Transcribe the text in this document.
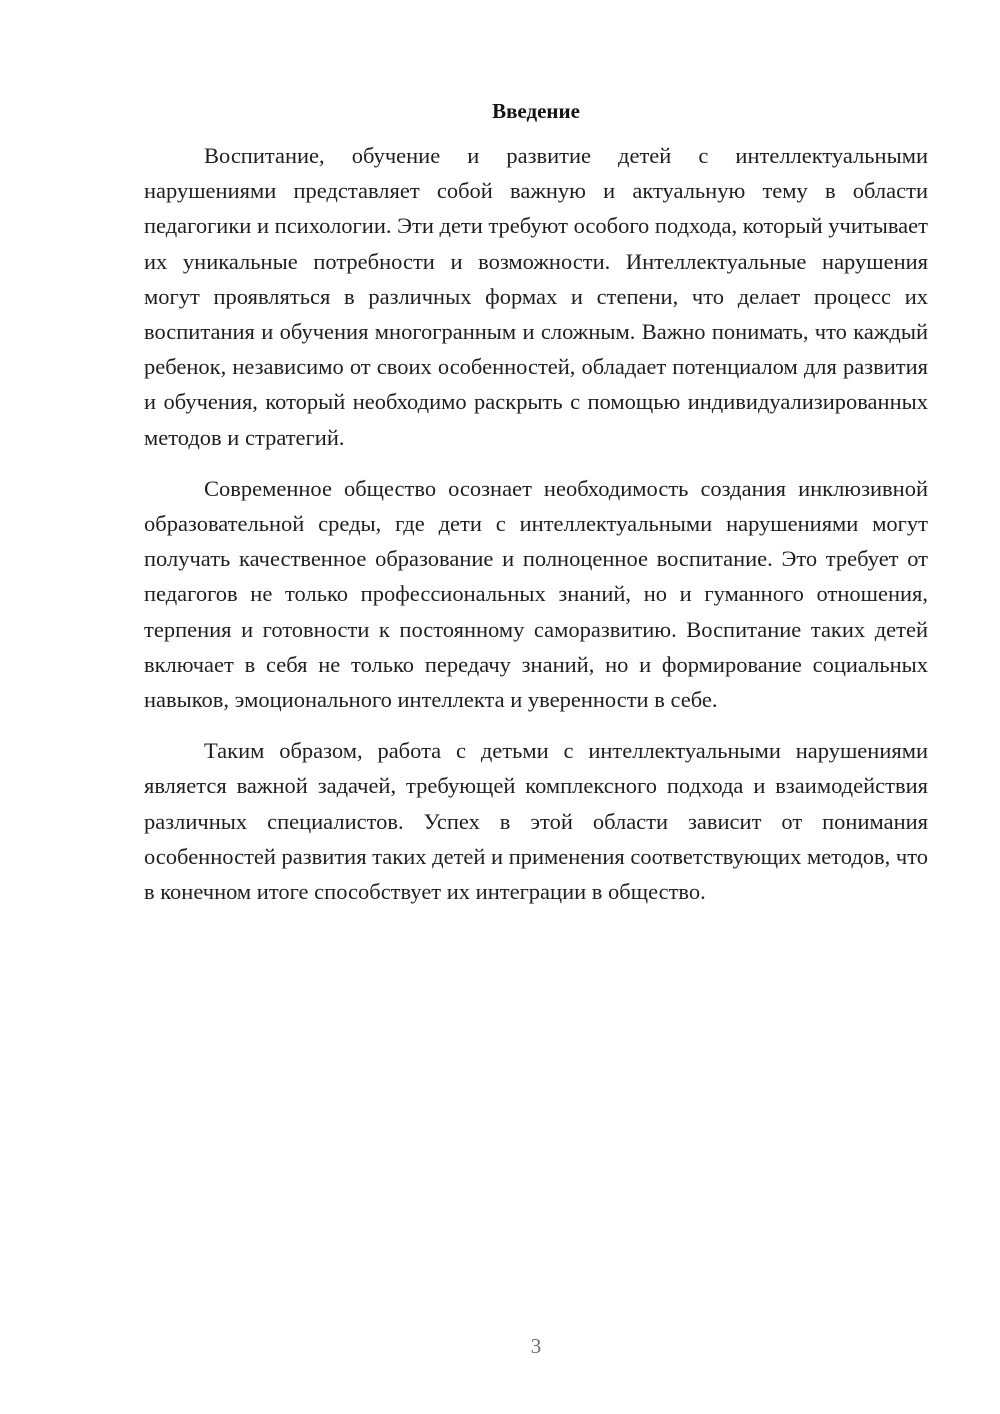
Введение

Воспитание, обучение и развитие детей с интеллектуальными нарушениями представляет собой важную и актуальную тему в области педагогики и психологии. Эти дети требуют особого подхода, который учитывает их уникальные потребности и возможности. Интеллектуальные нарушения могут проявляться в различных формах и степени, что делает процесс их воспитания и обучения многогранным и сложным. Важно понимать, что каждый ребенок, независимо от своих особенностей, обладает потенциалом для развития и обучения, который необходимо раскрыть с помощью индивидуализированных методов и стратегий.

Современное общество осознает необходимость создания инклюзивной образовательной среды, где дети с интеллектуальными нарушениями могут получать качественное образование и полноценное воспитание. Это требует от педагогов не только профессиональных знаний, но и гуманного отношения, терпения и готовности к постоянному саморазвитию. Воспитание таких детей включает в себя не только передачу знаний, но и формирование социальных навыков, эмоционального интеллекта и уверенности в себе.

Таким образом, работа с детьми с интеллектуальными нарушениями является важной задачей, требующей комплексного подхода и взаимодействия различных специалистов. Успех в этой области зависит от понимания особенностей развития таких детей и применения соответствующих методов, что в конечном итоге способствует их интеграции в общество.

3
